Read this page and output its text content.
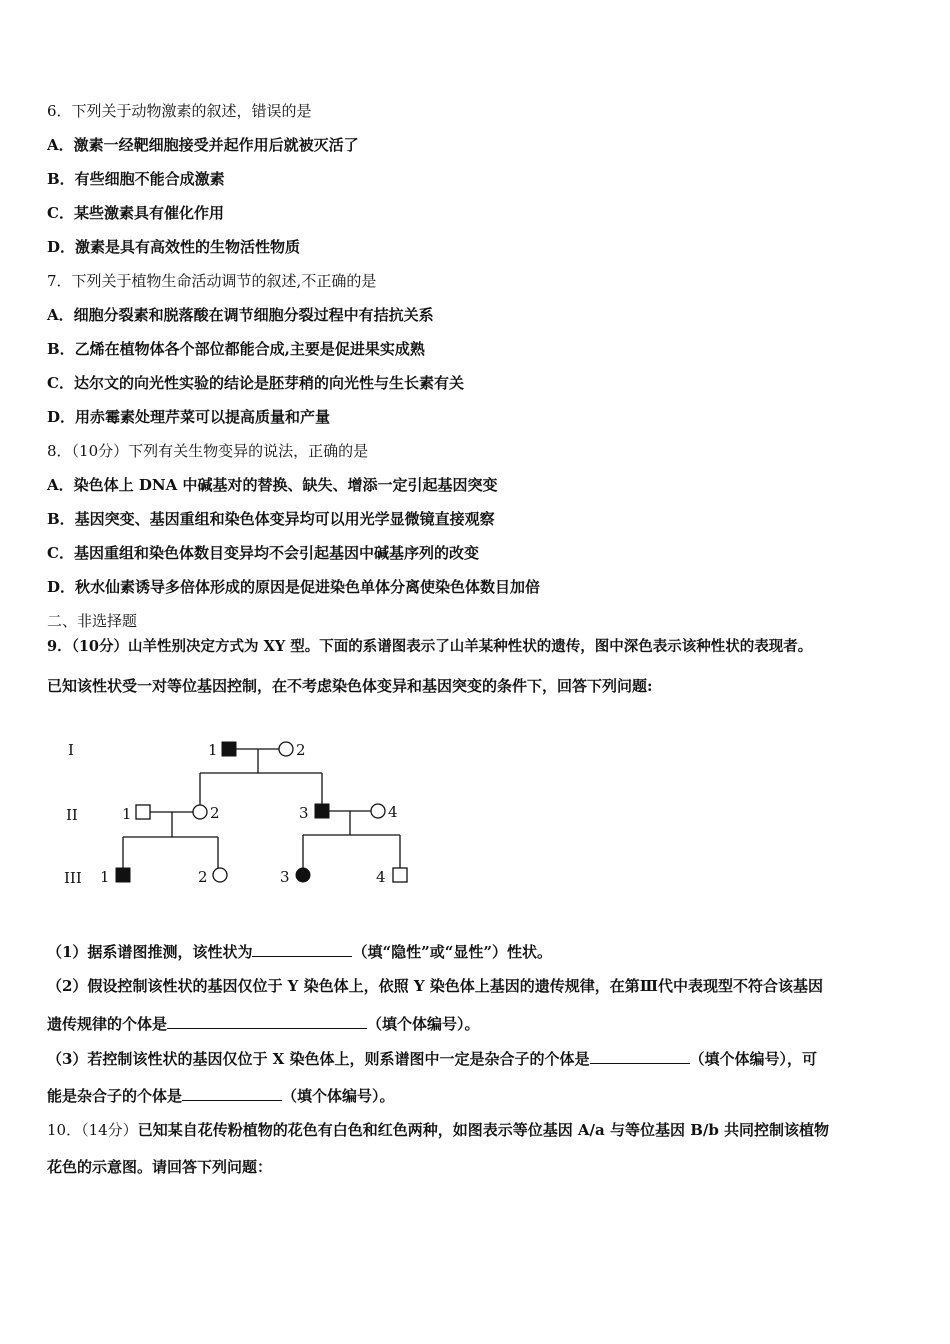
6．下列关于动物激素的叙述，错误的是
A．激素一经靶细胞接受并起作用后就被灭活了
B．有些细胞不能合成激素
C．某些激素具有催化作用
D．激素是具有高效性的生物活性物质
7．下列关于植物生命活动调节的叙述,不正确的是
A．细胞分裂素和脱落酸在调节细胞分裂过程中有拮抗关系
B．乙烯在植物体各个部位都能合成,主要是促进果实成熟
C．达尔文的向光性实验的结论是胚芽稍的向光性与生长素有关
D．用赤霉素处理芹菜可以提高质量和产量
8．（10分）下列有关生物变异的说法，正确的是
A．染色体上 DNA 中碱基对的替换、缺失、增添一定引起基因突变
B．基因突变、基因重组和染色体变异均可以用光学显微镜直接观察
C．基因重组和染色体数目变异均不会引起基因中碱基序列的改变
D．秋水仙素诱导多倍体形成的原因是促进染色单体分离使染色体数目加倍
二、非选择题
9．（10分）山羊性别决定方式为 XY 型。下面的系谱图表示了山羊某种性状的遗传，图中深色表示该种性状的表现者。
已知该性状受一对等位基因控制，在不考虑染色体变异和基因突变的条件下，回答下列问题:
I
II
III
1	2
1	2	3	4
1	2	3	4
（1）据系谱图推测，该性状为	（填“隐性”或“显性”）性状。
（2）假设控制该性状的基因仅位于 Y 染色体上，依照 Y 染色体上基因的遗传规律，在第Ⅲ代中表现型不符合该基因
遗传规律的个体是	（填个体编号）。
（3）若控制该性状的基因仅位于 X 染色体上，则系谱图中一定是杂合子的个体是	（填个体编号），可
能是杂合子的个体是	（填个体编号）。
10．（14分）已知某自花传粉植物的花色有白色和红色两种，如图表示等位基因 A/a 与等位基因 B/b 共同控制该植物
花色的示意图。请回答下列问题：
